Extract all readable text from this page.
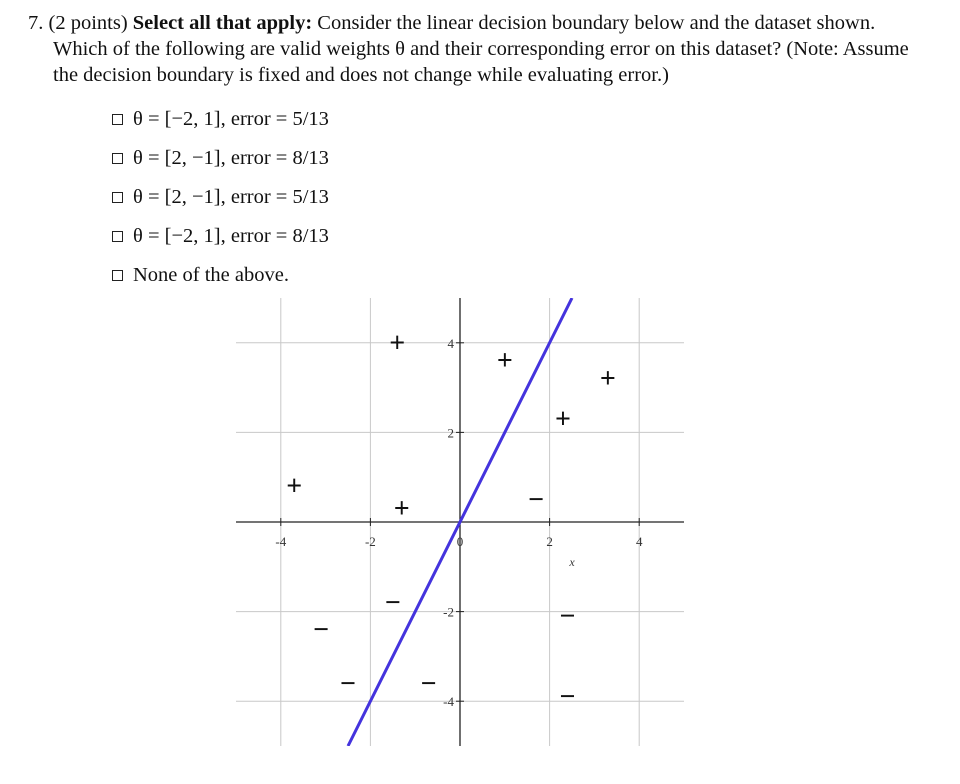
7. (2 points) Select all that apply: Consider the linear decision boundary below and the dataset shown.
Which of the following are valid weights θ and their corresponding error on this dataset? (Note: Assume
the decision boundary is fixed and does not change while evaluating error.)
θ = [−2, 1], error = 5/13
θ = [2, −1], error = 8/13
θ = [2, −1], error = 5/13
θ = [−2, 1], error = 8/13
None of the above.
-4	-2	0	2	4
4
2
-2
-4
x
+
+
+
+
+
+	−
−
−
− −
−
−
